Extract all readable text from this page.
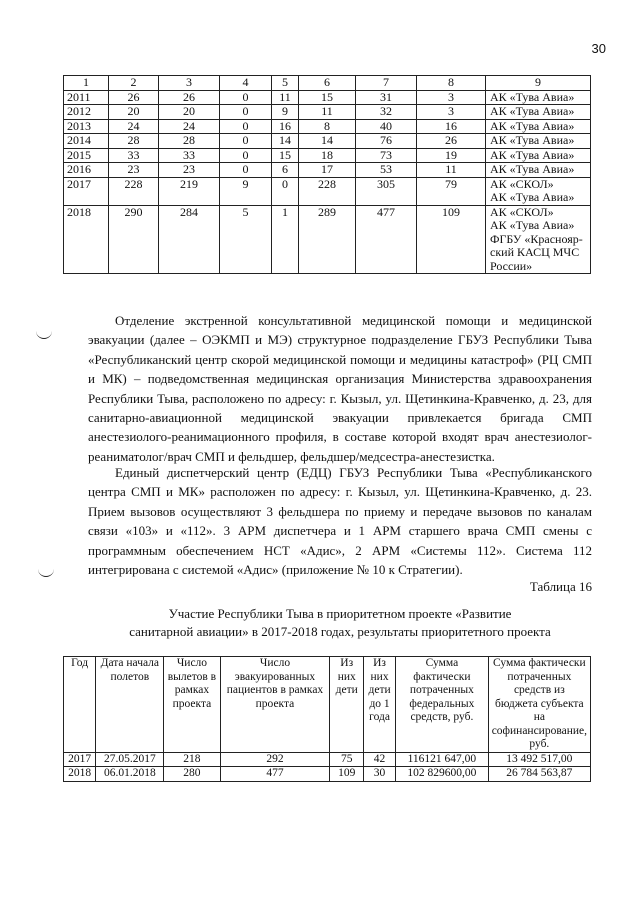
30
1	2	3	4	5	6	7	8	9
2011	26	26	0	11	15	31	3	АК «Тува Авиа»

2012	20	20	0	9	11	32	3	АК «Тува Авиа»

2013	24	24	0	16	8	40	16	АК «Тува Авиа»

2014	28	28	0	14	14	76	26	АК «Тува Авиа»

2015	33	33	0	15	18	73	19	АК «Тува Авиа»

2016	23	23	0	6	17	53	11	АК «Тува Авиа»

2017	228	219	9	0	228	305	79	АК «СКОЛ»
АК «Тува Авиа»

2018	290	284	5	1	289	477	109	АК «СКОЛ»
АК «Тува Авиа»
ФГБУ «Краснояр-
ский КАСЦ МЧС
России»

Отделение экстренной консультативной медицинской помощи и медицинской эвакуации (далее – ОЭКМП и МЭ) структурное подразделение ГБУЗ Республики Тыва «Республиканский центр скорой медицинской помощи и медицины катастроф» (РЦ СМП и МК) – подведомственная медицинская организация Министерства здравоохранения Республики Тыва, расположено по адресу: г. Кызыл, ул. Щетинкина-Кравченко, д. 23, для санитарно-авиационной медицинской эвакуации привлекается бригада СМП анестезиолого-реанимационного профиля, в составе которой входят врач анестезиолог-реаниматолог/врач СМП и фельдшер, фельдшер/медсестра-анестезистка.

Единый диспетчерский центр (ЕДЦ) ГБУЗ Республики Тыва «Республиканского центра СМП и МК» расположен по адресу: г. Кызыл, ул. Щетинкина-Кравченко, д. 23. Прием вызовов осуществляют 3 фельдшера по приему и передаче вызовов по каналам связи «103» и «112». 3 АРМ диспетчера и 1 АРМ старшего врача СМП смены с программным обеспечением НСТ «Адис», 2 АРМ «Системы 112». Система 112 интегрирована с системой «Адис» (приложение № 10 к Стратегии).

Таблица 16
Участие Республики Тыва в приоритетном проекте «Развитие
санитарной авиации» в 2017-2018 годах, результаты приоритетного проекта
Год	Дата начала полетов	Число вылетов в рамках проекта	Число эвакуированных пациентов в рамках проекта	Из них дети	Из них дети до 1 года	Сумма фактически потраченных федеральных средств, руб.	Сумма фактически потраченных средств из бюджета субъекта на софинансирование, руб.
2017	27.05.2017	218	292	75	42	116121 647,00	13 492 517,00
2018	06.01.2018	280	477	109	30	102 829600,00	26 784 563,87
